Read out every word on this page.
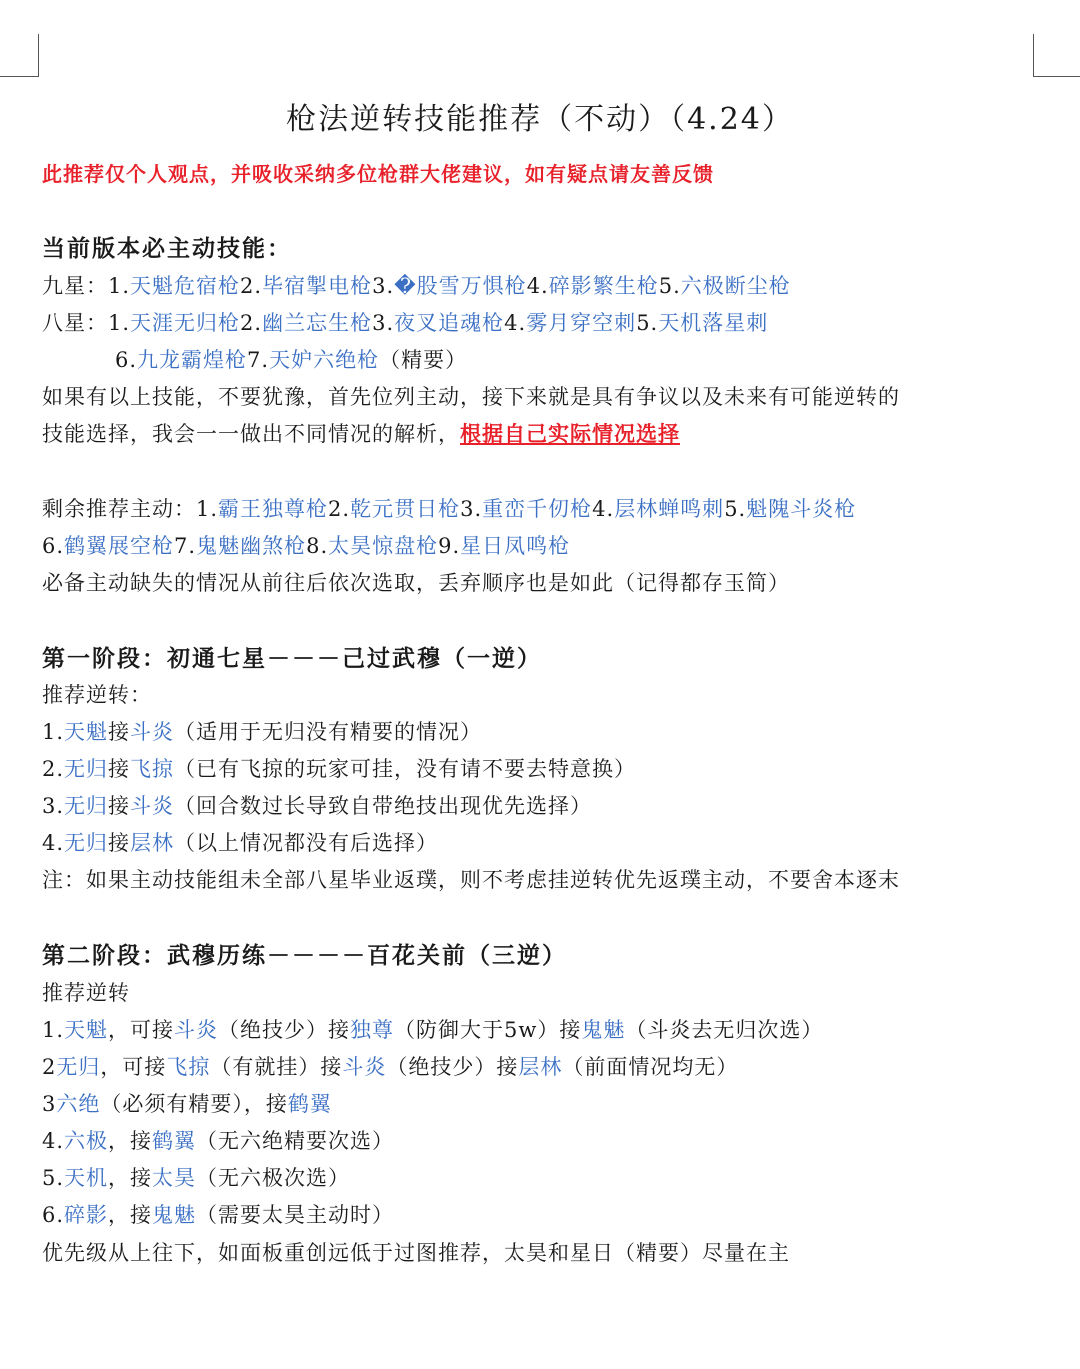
枪法逆转技能推荐（不动）（4.24）
此推荐仅个人观点，并吸收采纳多位枪群大佬建议，如有疑点请友善反馈
当前版本必主动技能：
九星：1.天魁危宿枪2.毕宿掣电枪3.�股雪万惧枪4.碎影繁生枪5.六极断尘枪
八星：1.天涯无归枪2.幽兰忘生枪3.夜叉追魂枪4.雾月穿空刺5.天机落星刺
6.九龙霸煌枪7.天妒六绝枪（精要）
如果有以上技能，不要犹豫，首先位列主动，接下来就是具有争议以及未来有可能逆转的
技能选择，我会一一做出不同情况的解析，根据自己实际情况选择
剩余推荐主动：1.霸王独尊枪2.乾元贯日枪3.重峦千仞枪4.层林蝉鸣刺5.魁隗斗炎枪
6.鹤翼展空枪7.鬼魅幽煞枪8.太昊惊盘枪9.星日凤鸣枪
必备主动缺失的情况从前往后依次选取，丢弃顺序也是如此（记得都存玉简）
第一阶段：初通七星－－－己过武穆（一逆）
推荐逆转：
1.天魁接斗炎（适用于无归没有精要的情况）
2.无归接飞掠（已有飞掠的玩家可挂，没有请不要去特意换）
3.无归接斗炎（回合数过长导致自带绝技出现优先选择）
4.无归接层林（以上情况都没有后选择）
注：如果主动技能组未全部八星毕业返璞，则不考虑挂逆转优先返璞主动，不要舍本逐末
第二阶段：武穆历练－－－－百花关前（三逆）
推荐逆转
1.天魁，可接斗炎（绝技少）接独尊（防御大于5w）接鬼魅（斗炎去无归次选）
2无归，可接飞掠（有就挂）接斗炎（绝技少）接层林（前面情况均无）
3六绝（必须有精要），接鹤翼
4.六极，接鹤翼（无六绝精要次选）
5.天机，接太昊（无六极次选）
6.碎影，接鬼魅（需要太昊主动时）
优先级从上往下，如面板重创远低于过图推荐，太昊和星日（精要）尽量在主
